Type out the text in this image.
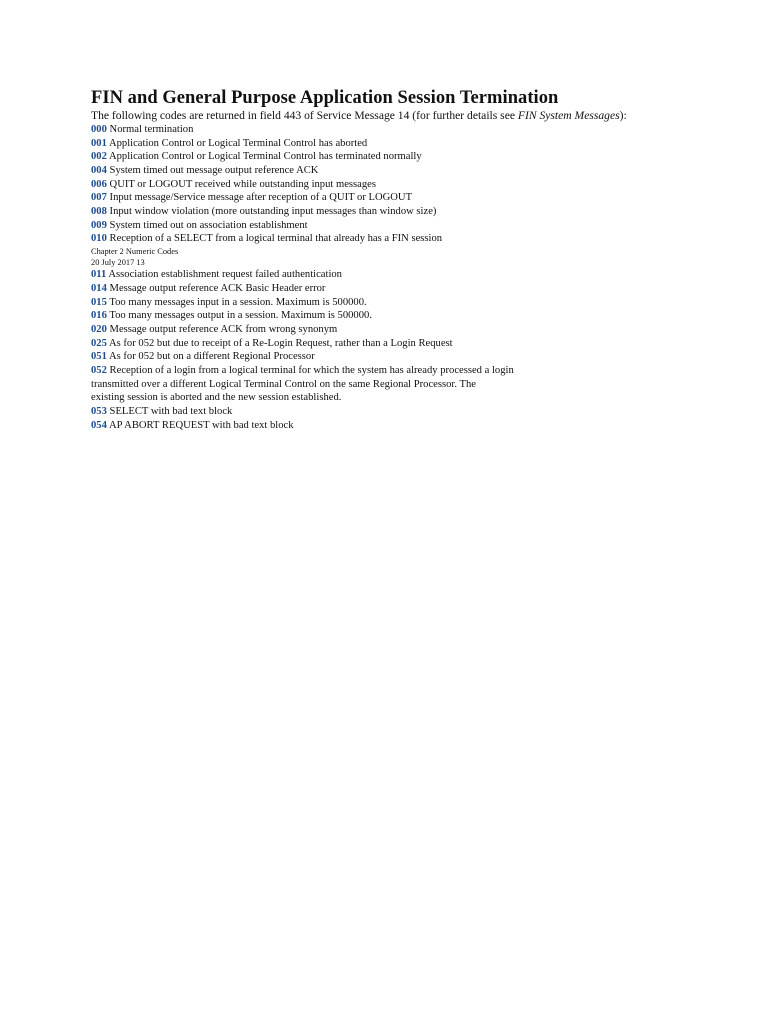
FIN and General Purpose Application Session Termination

The following codes are returned in field 443 of Service Message 14 (for further details see FIN System Messages):

000 Normal termination
001 Application Control or Logical Terminal Control has aborted
002 Application Control or Logical Terminal Control has terminated normally
004 System timed out message output reference ACK
006 QUIT or LOGOUT received while outstanding input messages
007 Input message/Service message after reception of a QUIT or LOGOUT
008 Input window violation (more outstanding input messages than window size)
009 System timed out on association establishment
010 Reception of a SELECT from a logical terminal that already has a FIN session
Chapter 2 Numeric Codes
20 July 2017 13
011 Association establishment request failed authentication
014 Message output reference ACK Basic Header error
015 Too many messages input in a session. Maximum is 500000.
016 Too many messages output in a session. Maximum is 500000.
020 Message output reference ACK from wrong synonym
025 As for 052 but due to receipt of a Re-Login Request, rather than a Login Request
051 As for 052 but on a different Regional Processor
052 Reception of a login from a logical terminal for which the system has already processed a login
transmitted over a different Logical Terminal Control on the same Regional Processor. The
existing session is aborted and the new session established.
053 SELECT with bad text block
054 AP ABORT REQUEST with bad text block
